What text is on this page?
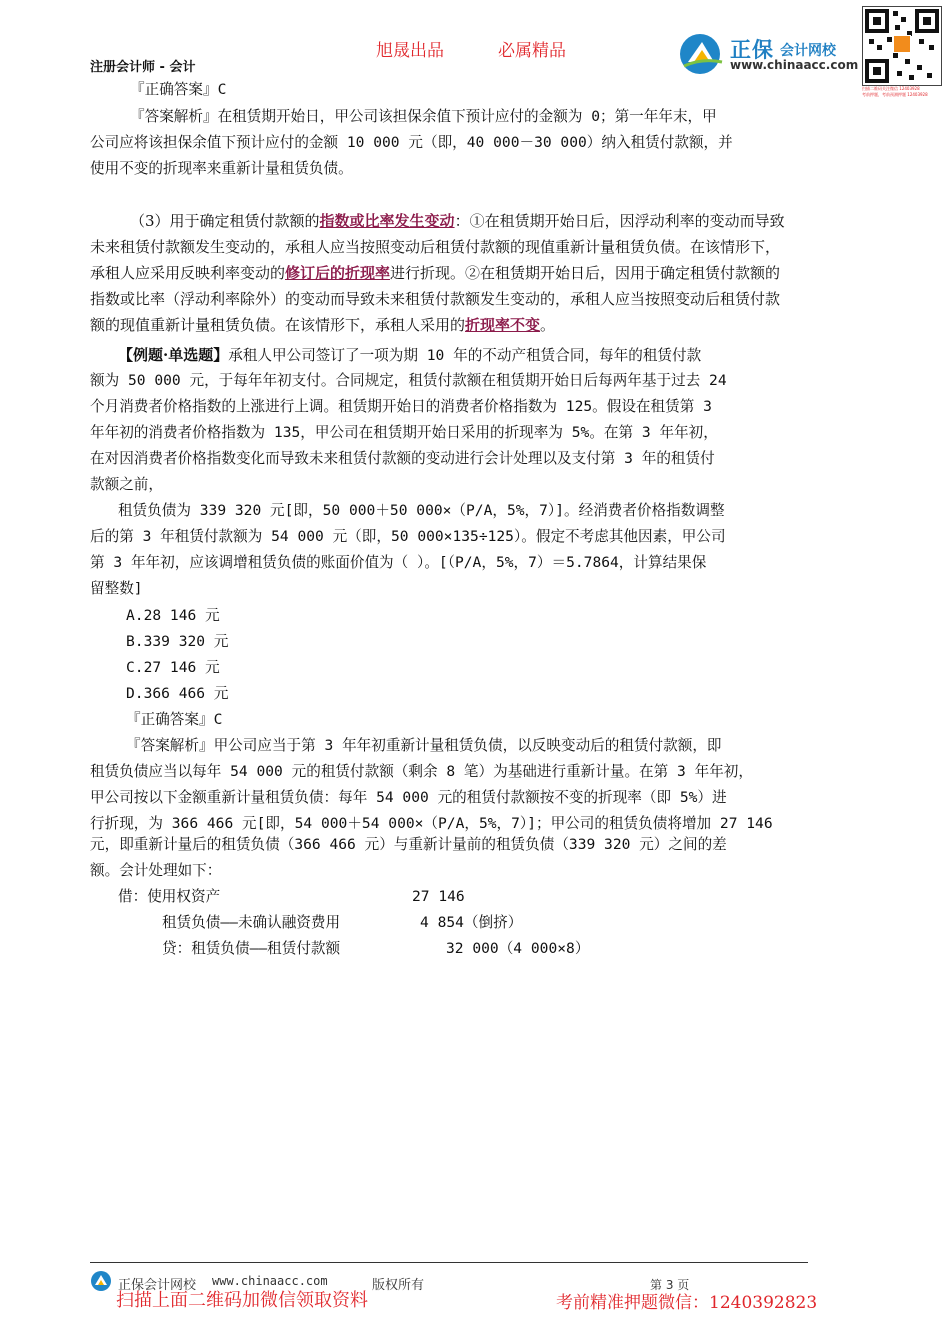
旭晟出品	必属精品
注册会计师 - 会计
正保 会计网校
www.chinaacc.com
扫描二维码关注微信 12403928
考前押题，考前预测押题 12403928
『正确答案』C
『答案解析』在租赁期开始日，甲公司该担保余值下预计应付的金额为 0；第一年年末，甲
公司应将该担保余值下预计应付的金额 10 000 元（即，40 000－30 000）纳入租赁付款额，并
使用不变的折现率来重新计量租赁负债。
（3）用于确定租赁付款额的指数或比率发生变动：①在租赁期开始日后，因浮动利率的变动而导致
未来租赁付款额发生变动的，承租人应当按照变动后租赁付款额的现值重新计量租赁负债。在该情形下，
承租人应采用反映利率变动的修订后的折现率进行折现。②在租赁期开始日后，因用于确定租赁付款额的
指数或比率（浮动利率除外）的变动而导致未来租赁付款额发生变动的，承租人应当按照变动后租赁付款
额的现值重新计量租赁负债。在该情形下，承租人采用的折现率不变。
【例题·单选题】承租人甲公司签订了一项为期 10 年的不动产租赁合同，每年的租赁付款
额为 50 000 元，于每年年初支付。合同规定，租赁付款额在租赁期开始日后每两年基于过去 24
个月消费者价格指数的上涨进行上调。租赁期开始日的消费者价格指数为 125。假设在租赁第 3
年年初的消费者价格指数为 135，甲公司在租赁期开始日采用的折现率为 5%。在第 3 年年初，
在对因消费者价格指数变化而导致未来租赁付款额的变动进行会计处理以及支付第 3 年的租赁付
款额之前，
租赁负债为 339 320 元[即，50 000＋50 000×（P/A，5%，7）]。经消费者价格指数调整
后的第 3 年租赁付款额为 54 000 元（即，50 000×135÷125）。假定不考虑其他因素，甲公司
第 3 年年初，应该调增租赁负债的账面价值为（ ）。[（P/A，5%，7）＝5.7864，计算结果保
留整数]
A.28 146 元
B.339 320 元
C.27 146 元
D.366 466 元
『正确答案』C
『答案解析』甲公司应当于第 3 年年初重新计量租赁负债，以反映变动后的租赁付款额，即
租赁负债应当以每年 54 000 元的租赁付款额（剩余 8 笔）为基础进行重新计量。在第 3 年年初，
甲公司按以下金额重新计量租赁负债：每年 54 000 元的租赁付款额按不变的折现率（即 5%）进
行折现，为 366 466 元[即，54 000＋54 000×（P/A，5%，7）]；甲公司的租赁负债将增加 27 146
元，即重新计量后的租赁负债（366 466 元）与重新计量前的租赁负债（339 320 元）之间的差
额。会计处理如下：
借：使用权资产	27 146
租赁负债——未确认融资费用	4 854（倒挤）
贷：租赁负债——租赁付款额	32 000（4 000×8）
正保会计网校 www.chinaacc.com	版权所有	第 3 页
扫描上面二维码加微信领取资料	考前精准押题微信：1240392823
